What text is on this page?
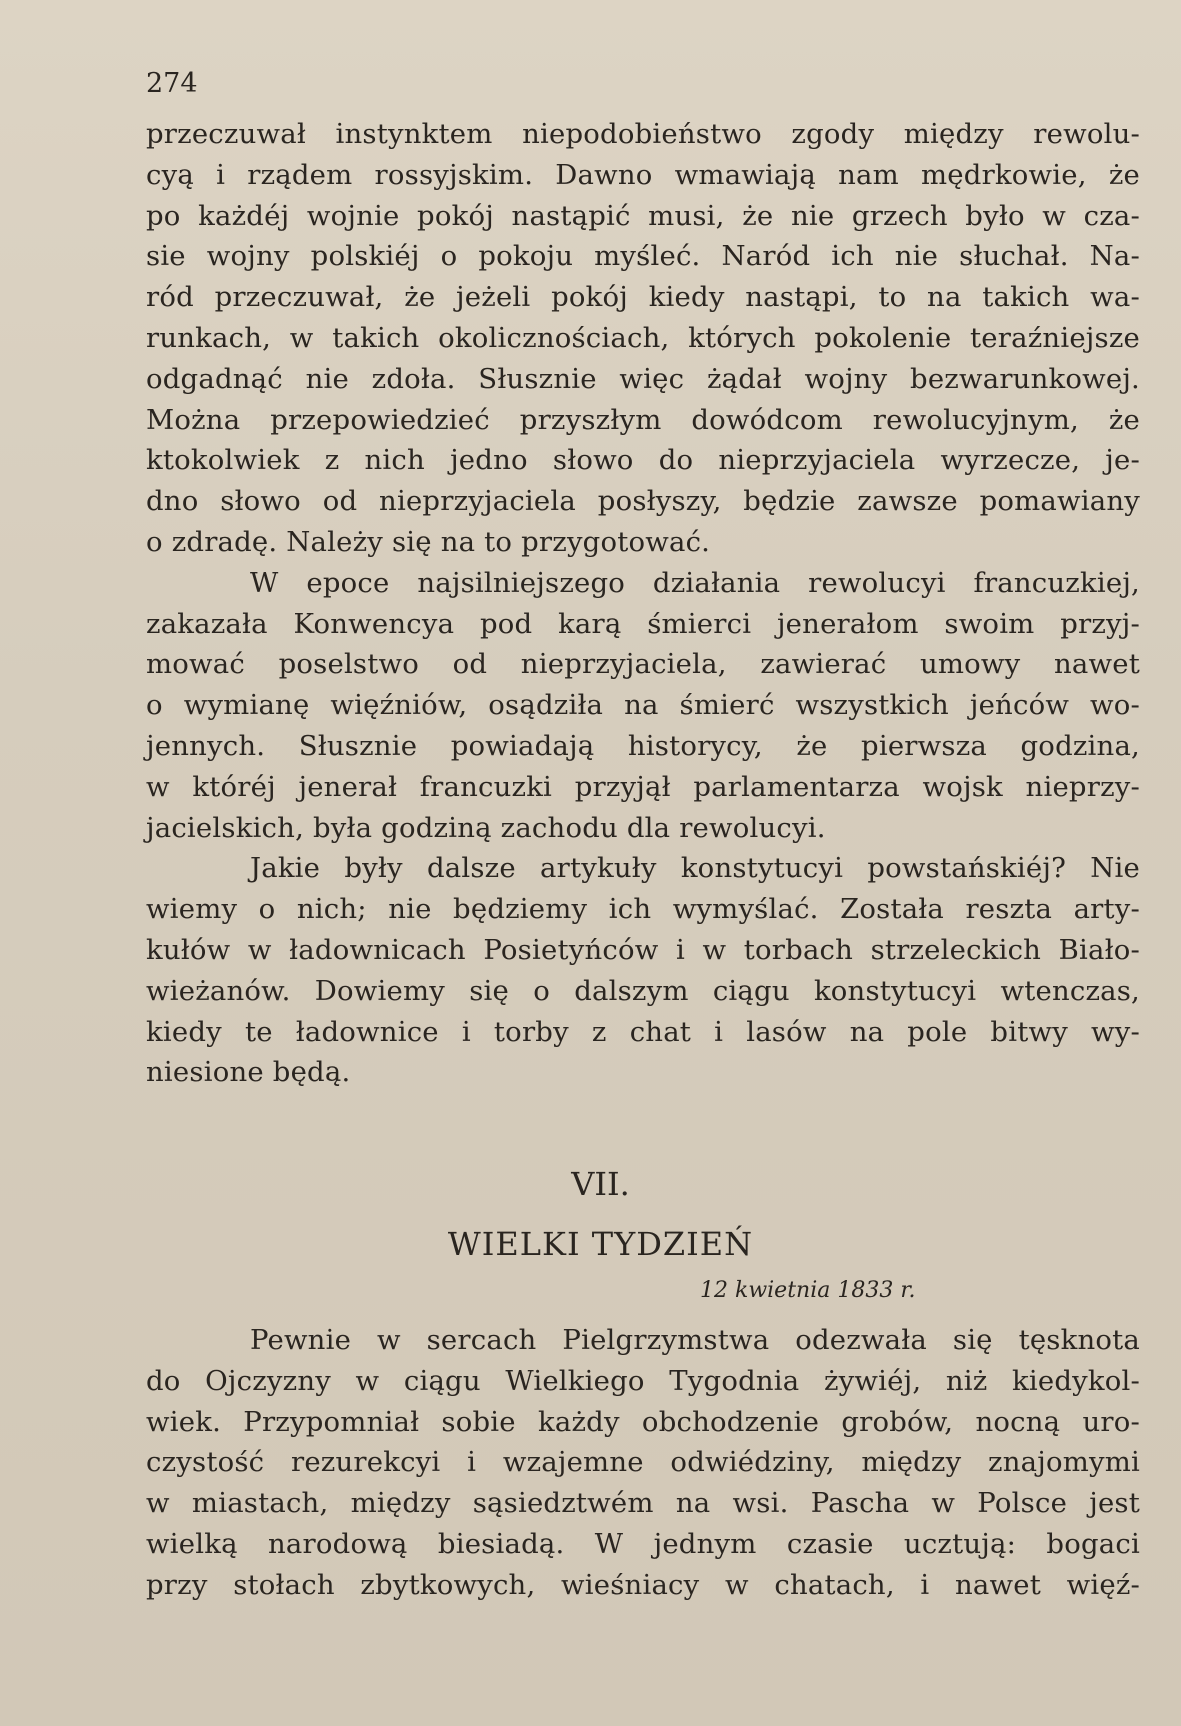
274
przeczuwał instynktem niepodobieństwo zgody między rewolu-
cyą i rządem rossyjskim. Dawno wmawiają nam mędrkowie, że
po każdéj wojnie pokój nastąpić musi, że nie grzech było w cza-
sie wojny polskiéj o pokoju myśleć. Naród ich nie słuchał. Na-
ród przeczuwał, że jeżeli pokój kiedy nastąpi, to na takich wa-
runkach, w takich okolicznościach, których pokolenie teraźniejsze
odgadnąć nie zdoła. Słusznie więc żądał wojny bezwarunkowej.
Można przepowiedzieć przyszłym dowódcom rewolucyjnym, że
ktokolwiek z nich jedno słowo do nieprzyjaciela wyrzecze, je-
dno słowo od nieprzyjaciela posłyszy, będzie zawsze pomawiany
o zdradę. Należy się na to przygotować.
W epoce najsilniejszego działania rewolucyi francuzkiej,
zakazała Konwencya pod karą śmierci jenerałom swoim przyj-
mować poselstwo od nieprzyjaciela, zawierać umowy nawet
o wymianę więźniów, osądziła na śmierć wszystkich jeńców wo-
jennych. Słusznie powiadają historycy, że pierwsza godzina,
w któréj jenerał francuzki przyjął parlamentarza wojsk nieprzy-
jacielskich, była godziną zachodu dla rewolucyi.
Jakie były dalsze artykuły konstytucyi powstańskiéj? Nie
wiemy o nich; nie będziemy ich wymyślać. Została reszta arty-
kułów w ładownicach Posietyńców i w torbach strzeleckich Biało-
wieżanów. Dowiemy się o dalszym ciągu konstytucyi wtenczas,
kiedy te ładownice i torby z chat i lasów na pole bitwy wy-
niesione będą.
VII.
WIELKI TYDZIEŃ
12 kwietnia 1833 r.
Pewnie w sercach Pielgrzymstwa odezwała się tęsknota
do Ojczyzny w ciągu Wielkiego Tygodnia żywiéj, niż kiedykol-
wiek. Przypomniał sobie każdy obchodzenie grobów, nocną uro-
czystość rezurekcyi i wzajemne odwiédziny, między znajomymi
w miastach, między sąsiedztwém na wsi. Pascha w Polsce jest
wielką narodową biesiadą. W jednym czasie ucztują: bogaci
przy stołach zbytkowych, wieśniacy w chatach, i nawet więź-
